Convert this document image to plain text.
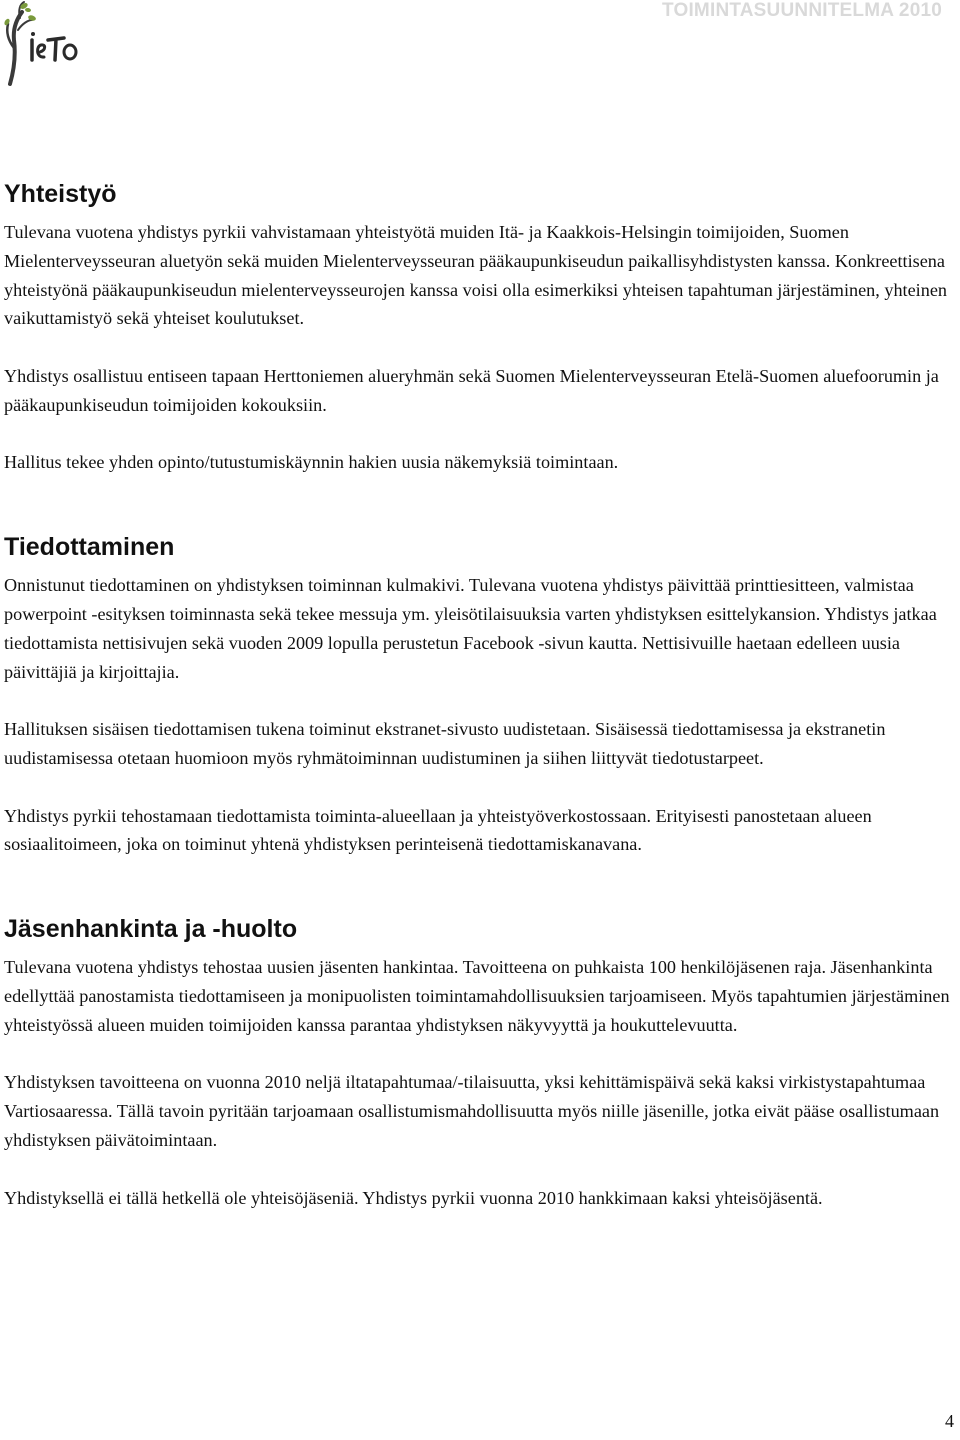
TOIMINTASUUNNITELMA 2010
Yhteistyö

Tulevana vuotena yhdistys pyrkii vahvistamaan yhteistyötä muiden Itä- ja Kaakkois-Helsingin toimijoiden, Suomen Mielenterveysseuran aluetyön sekä muiden Mielenterveysseuran pääkaupunkiseudun paikallisyhdistysten kanssa. Konkreettisena yhteistyönä pääkaupunkiseudun mielenterveysseurojen kanssa voisi olla esimerkiksi yhteisen tapahtuman järjestäminen, yhteinen vaikuttamistyö sekä yhteiset koulutukset.

Yhdistys osallistuu entiseen tapaan Herttoniemen alueryhmän sekä Suomen Mielenterveysseuran Etelä-Suomen aluefoorumin ja pääkaupunkiseudun toimijoiden kokouksiin.

Hallitus tekee yhden opinto/tutustumiskäynnin hakien uusia näkemyksiä toimintaan.

Tiedottaminen

Onnistunut tiedottaminen on yhdistyksen toiminnan kulmakivi. Tulevana vuotena yhdistys päivittää printtiesitteen, valmistaa powerpoint -esityksen toiminnasta sekä tekee messuja ym. yleisötilaisuuksia varten yhdistyksen esittelykansion. Yhdistys jatkaa tiedottamista nettisivujen sekä vuoden 2009 lopulla perustetun Facebook -sivun kautta. Nettisivuille haetaan edelleen uusia päivittäjiä ja kirjoittajia.

Hallituksen sisäisen tiedottamisen tukena toiminut ekstranet-sivusto uudistetaan. Sisäisessä tiedottamisessa ja ekstranetin uudistamisessa otetaan huomioon myös ryhmätoiminnan uudistuminen ja siihen liittyvät tiedotustarpeet.

Yhdistys pyrkii tehostamaan tiedottamista toiminta-alueellaan ja yhteistyöverkostossaan. Erityisesti panostetaan alueen sosiaalitoimeen, joka on toiminut yhtenä yhdistyksen perinteisenä tiedottamiskanavana.

Jäsenhankinta ja -huolto

Tulevana vuotena yhdistys tehostaa uusien jäsenten hankintaa. Tavoitteena on puhkaista 100 henkilöjäsenen raja. Jäsenhankinta edellyttää panostamista tiedottamiseen ja monipuolisten toimintamahdollisuuksien tarjoamiseen. Myös tapahtumien järjestäminen yhteistyössä alueen muiden toimijoiden kanssa parantaa yhdistyksen näkyvyyttä ja houkuttelevuutta.

Yhdistyksen tavoitteena on vuonna 2010 neljä iltatapahtumaa/-tilaisuutta, yksi kehittämispäivä sekä kaksi virkistystapahtumaa Vartiosaaressa. Tällä tavoin pyritään tarjoamaan osallistumismahdollisuutta myös niille jäsenille, jotka eivät pääse osallistumaan yhdistyksen päivätoimintaan.

Yhdistyksellä ei tällä hetkellä ole yhteisöjäseniä. Yhdistys pyrkii vuonna 2010 hankkimaan kaksi yhteisöjäsentä.

4
